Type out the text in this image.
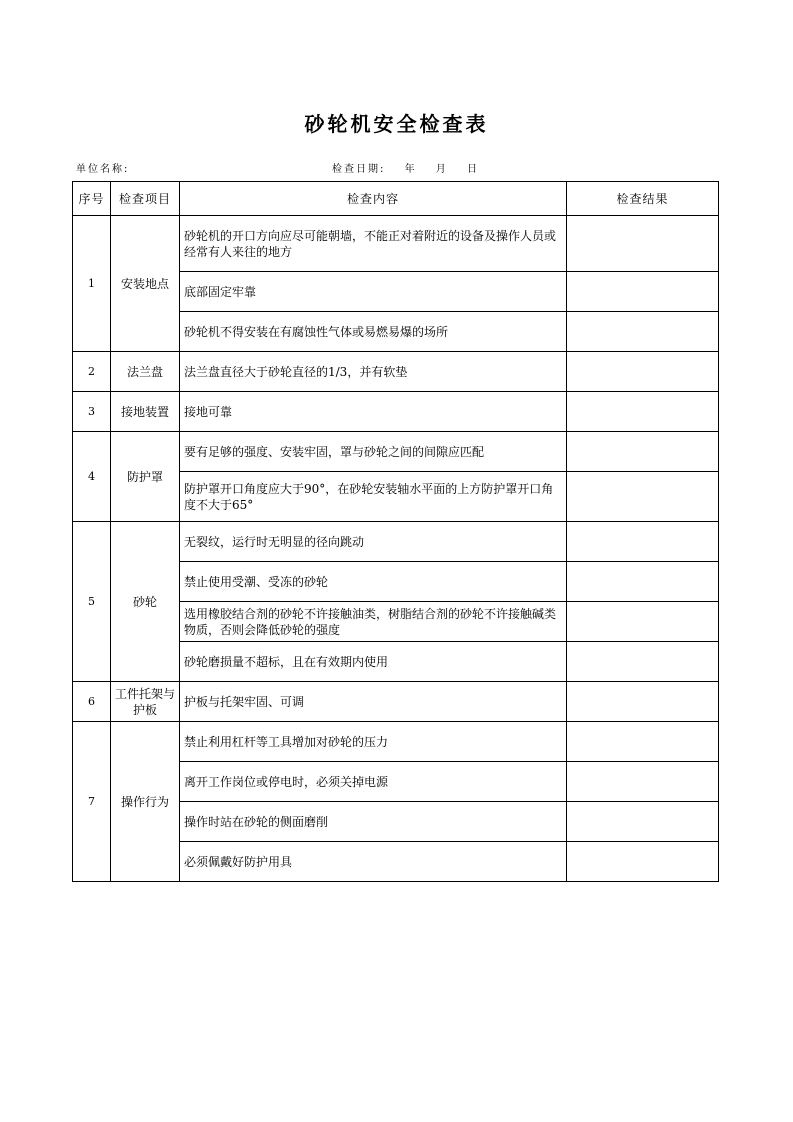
砂轮机安全检查表
单位名称:	检查日期: 年 月 日
序号	检查项目	检查内容	检查结果
1	安装地点	砂轮机的开口方向应尽可能朝墙，不能正对着附近的设备及操作人员或经常有人来往的地方	
		底部固定牢靠	
		砂轮机不得安装在有腐蚀性气体或易燃易爆的场所	
2	法兰盘	法兰盘直径大于砂轮直径的1/3，并有软垫	
3	接地装置	接地可靠	
4	防护罩	要有足够的强度、安装牢固，罩与砂轮之间的间隙应匹配	
		防护罩开口角度应大于90°，在砂轮安装轴水平面的上方防护罩开口角度不大于65°	
5	砂轮	无裂纹，运行时无明显的径向跳动	
		禁止使用受潮、受冻的砂轮	
		选用橡胶结合剂的砂轮不许接触油类，树脂结合剂的砂轮不许接触碱类物质，否则会降低砂轮的强度	
		砂轮磨损量不超标，且在有效期内使用	
6	工件托架与护板	护板与托架牢固、可调	
7	操作行为	禁止利用杠杆等工具增加对砂轮的压力	
		离开工作岗位或停电时，必须关掉电源	
		操作时站在砂轮的侧面磨削	
		必须佩戴好防护用具	
